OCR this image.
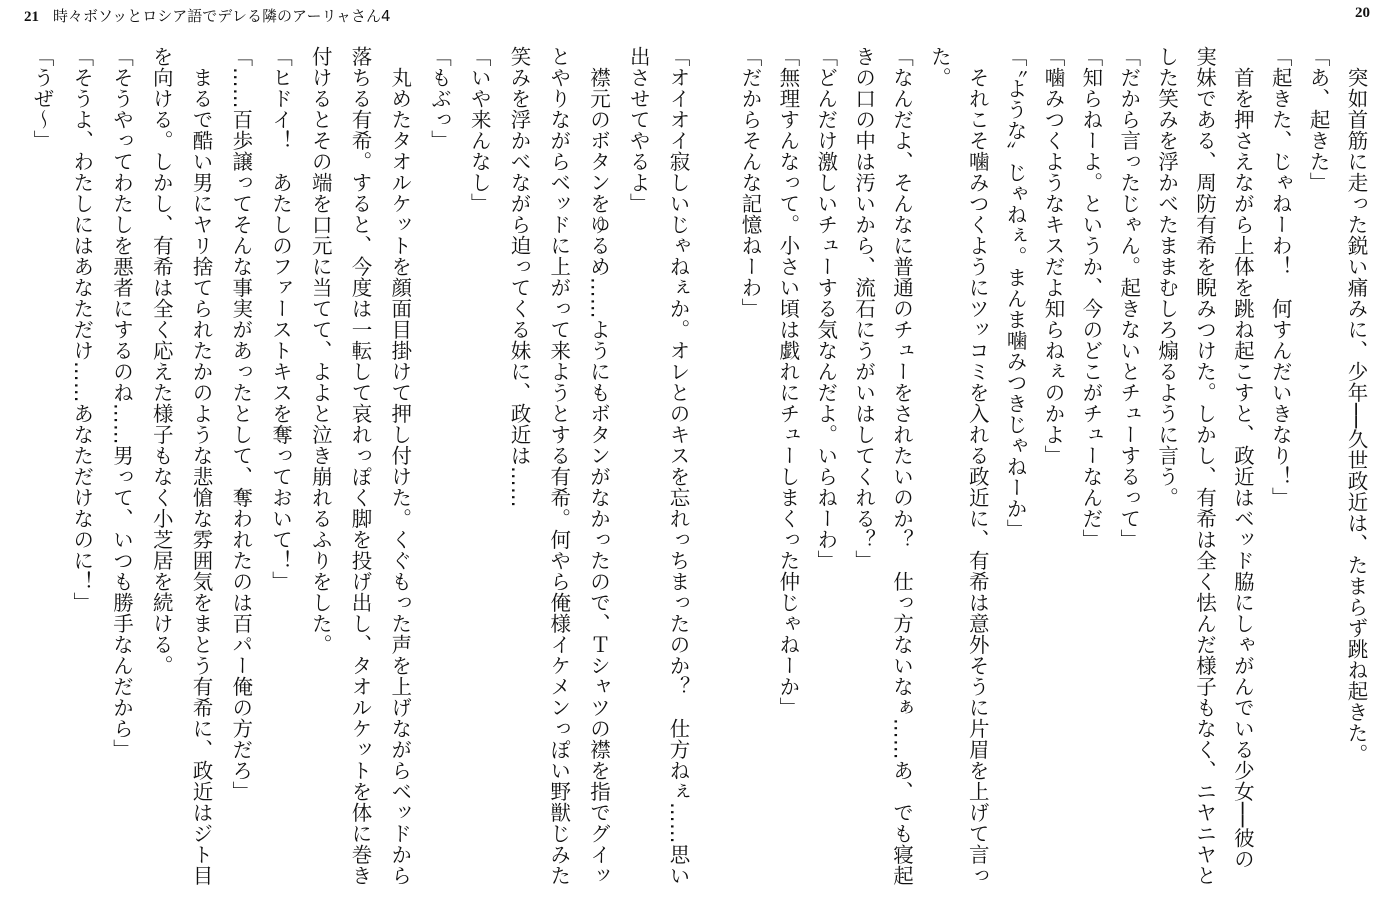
21 時々ボソッとロシア語でデレる隣のアーリャさん4	20
　突如首筋に走った鋭い痛みに、少年──久世政近は、たまらず跳ね起きた。
「あ、起きた」
「起きた、じゃねーわ！　何すんだいきなり！」
　首を押さえながら上体を跳ね起こすと、政近はベッド脇にしゃがんでいる少女──彼の
実妹である、周防有希を睨みつけた。しかし、有希は全く怯んだ様子もなく、ニヤニヤと
した笑みを浮かべたままむしろ煽るように言う。
「だから言ったじゃん。起きないとチューするって」
「知らねーよ。というか、今のどこがチューなんだ」
「噛みつくようなキスだよ知らねぇのかよ」
「〝ような〟じゃねぇ。まんま噛みつきじゃねーか」
　それこそ噛みつくようにツッコミを入れる政近に、有希は意外そうに片眉を上げて言っ
た。
「なんだよ、そんなに普通のチューをされたいのか？　仕っ方ないなぁ……あ、でも寝起
きの口の中は汚いから、流石にうがいはしてくれる？」
「どんだけ激しいチューする気なんだよ。いらねーわ」
「無理すんなって。小さい頃は戯れにチューしまくった仲じゃねーか」
「だからそんな記憶ねーわ」
「オイオイ寂しいじゃねぇか。オレとのキスを忘れっちまったのか？　仕方ねぇ……思い
出させてやるよ」
　襟元のボタンをゆるめ……ようにもボタンがなかったので、Ｔシャツの襟を指でグイッ
とやりながらベッドに上がって来ようとする有希。何やら俺様イケメンっぽい野獣じみた
笑みを浮かべながら迫ってくる妹に、政近は……
「いや来んなし」
「もぶっ」
　丸めたタオルケットを顔面目掛けて押し付けた。くぐもった声を上げながらベッドから
落ちる有希。すると、今度は一転して哀れっぽく脚を投げ出し、タオルケットを体に巻き
付けるとその端を口元に当てて、よよと泣き崩れるふりをした。
「ヒドイ！　あたしのファーストキスを奪っておいて！」
「……百歩譲ってそんな事実があったとして、奪われたのは百パー俺の方だろ」
　まるで酷い男にヤリ捨てられたかのような悲愴な雰囲気をまとう有希に、政近はジト目
を向ける。しかし、有希は全く応えた様子もなく小芝居を続ける。
「そうやってわたしを悪者にするのね……男って、いつも勝手なんだから」
「そうよ、わたしにはあなただけ……あなただけなのに！」
「うぜ～」
